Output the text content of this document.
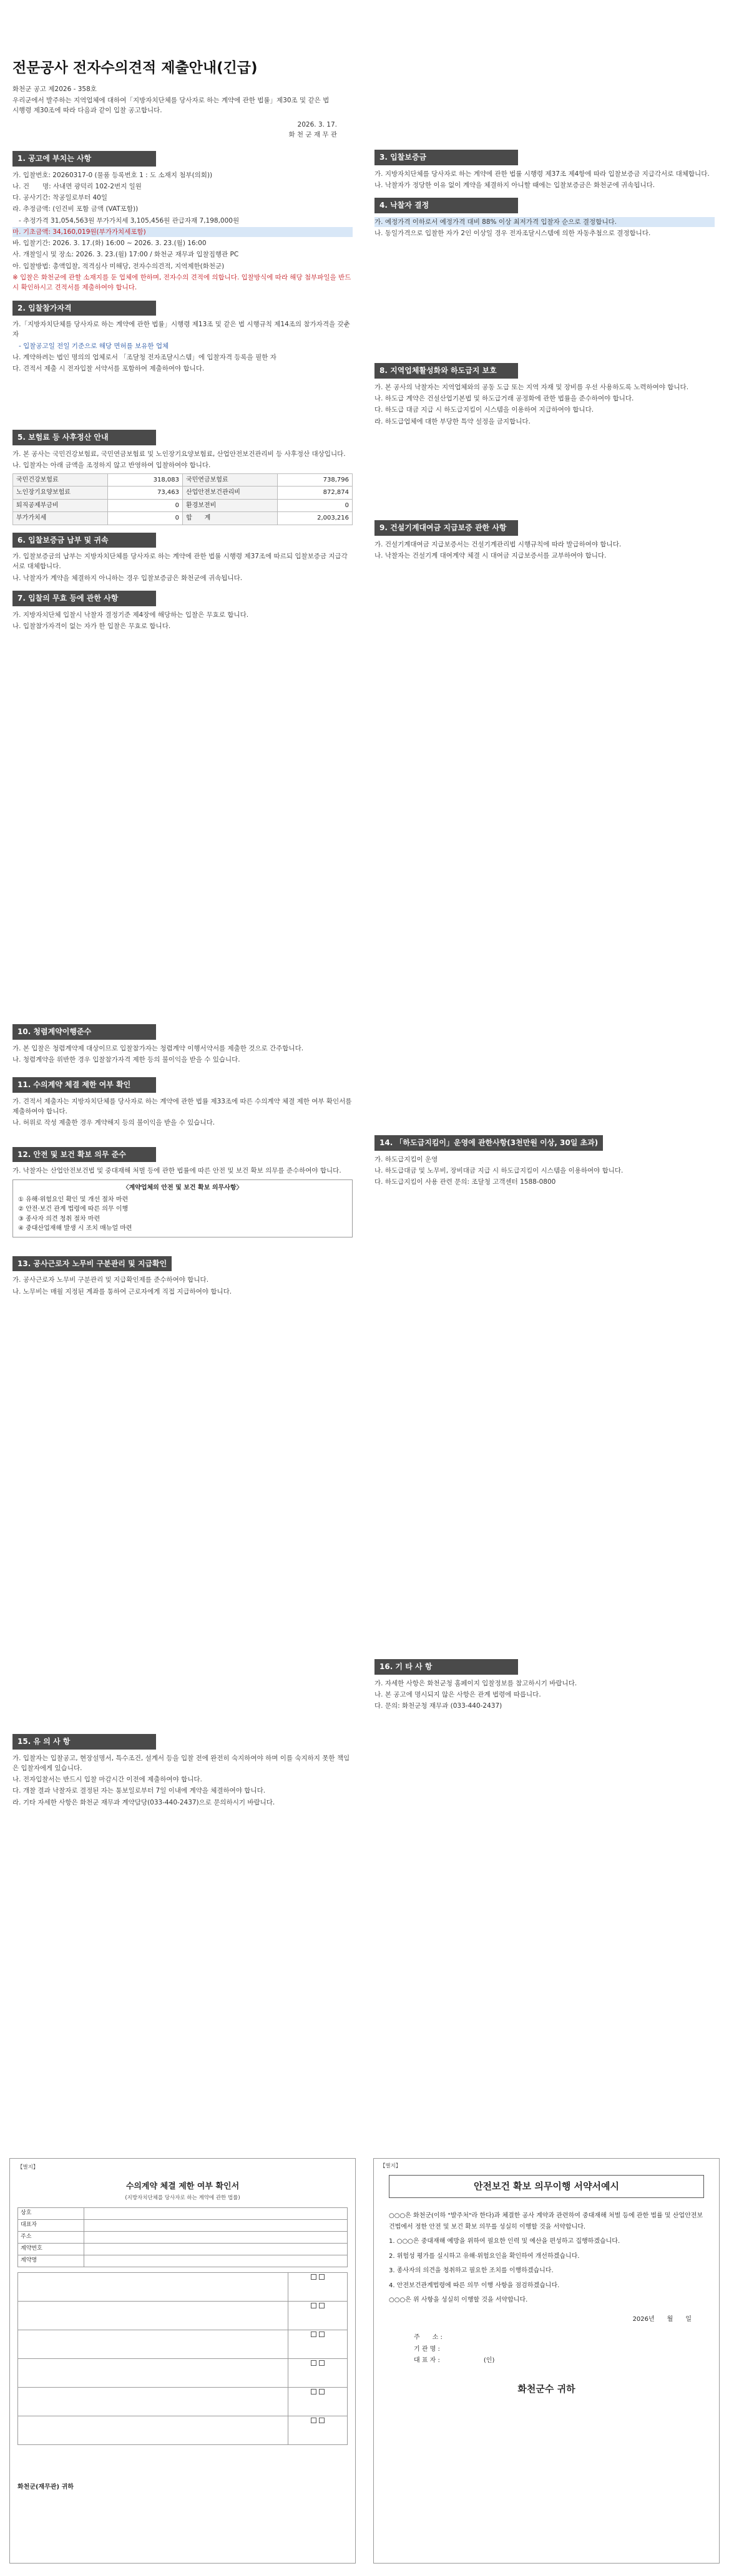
전문공사 전자수의견적 제출안내(긴급)
화천군 공고 제2026 - 358호
우리군에서 발주하는 지역업체에 대하여「지방자치단체를 당사자로 하는 계약에 관한 법률」제30조 및 같은 법 시행령 제30조에 따라 다음과 같이 입찰 공고합니다.
2026. 3. 17.
화 천 군 재 무 관
1. 공고에 부치는 사항
가. 입찰번호: 20260317-0 (물품 등록번호 1 : 도 소재지 첨부(의회))
나. 건　　명: 사내면 광덕리 102-2번지 일원
다. 공사기간: 착공일로부터 40일
라. 추정금액: (인건비 포함 금액 (VAT포함))
- 추정가격 31,054,563원 부가가치세 3,105,456원 관급자재 7,198,000원
마. 기초금액: 34,160,019원(부가가치세포함)
바. 입찰기간: 2026. 3. 17.(화) 16:00 ~ 2026. 3. 23.(월) 16:00
사. 개찰일시 및 장소: 2026. 3. 23.(월) 17:00 / 화천군 재무과 입찰집행관 PC
아. 입찰방법: 총액입찰, 적격심사 미해당, 전자수의견적, 지역제한(화천군)
※ 입찰은 화천군에 관할 소재지를 둔 업체에 한하며, 전자수의 견적에 의합니다. 입찰방식에 따라 해당 첨부파일을 반드시 확인하시고 견적서를 제출하여야 합니다.
2. 입찰참가자격
가.「지방자치단체를 당사자로 하는 계약에 관한 법률」시행령 제13조 및 같은 법 시행규칙 제14조의 참가자격을 갖춘 자
- 입찰공고일 전일 기준으로 해당 면허를 보유한 업체
나. 계약하려는 법인 명의의 업체로서 「조달청 전자조달시스템」에 입찰자격 등록을 필한 자
다. 견적서 제출 시 전자입찰 서약서를 포함하여 제출하여야 합니다.
5. 보험료 등 사후정산 안내
가. 본 공사는 국민건강보험료, 국민연금보험료 및 노인장기요양보험료, 산업안전보건관리비 등 사후정산 대상입니다.
나. 입찰자는 아래 금액을 조정하지 않고 반영하여 입찰하여야 합니다.
국민건강보험료	318,083	국민연금보험료	738,796
노인장기요양보험료	73,463	산업안전보건관리비	872,874
퇴직공제부금비	0	환경보전비	0
부가가치세	0	합　　계	2,003,216
6. 입찰보증금 납부 및 귀속
가. 입찰보증금의 납부는 지방자치단체를 당사자로 하는 계약에 관한 법률 시행령 제37조에 따르되 입찰보증금 지급각서로 대체합니다.
나. 낙찰자가 계약을 체결하지 아니하는 경우 입찰보증금은 화천군에 귀속됩니다.
7. 입찰의 무효 등에 관한 사항
가. 지방자치단체 입찰시 낙찰자 결정기준 제4장에 해당하는 입찰은 무효로 합니다.
나. 입찰참가자격이 없는 자가 한 입찰은 무효로 합니다.
3. 입찰보증금
가. 지방자치단체를 당사자로 하는 계약에 관한 법률 시행령 제37조 제4항에 따라 입찰보증금 지급각서로 대체합니다.
나. 낙찰자가 정당한 이유 없이 계약을 체결하지 아니할 때에는 입찰보증금은 화천군에 귀속됩니다.
4. 낙찰자 결정
가. 예정가격 이하로서 예정가격 대비 88% 이상 최저가격 입찰자 순으로 결정합니다.
나. 동일가격으로 입찰한 자가 2인 이상일 경우 전자조달시스템에 의한 자동추첨으로 결정합니다.
8. 지역업체활성화와 하도급지 보호
가. 본 공사의 낙찰자는 지역업체와의 공동 도급 또는 지역 자재 및 장비를 우선 사용하도록 노력하여야 합니다.
나. 하도급 계약은 건설산업기본법 및 하도급거래 공정화에 관한 법률을 준수하여야 합니다.
다. 하도급 대금 지급 시 하도급지킴이 시스템을 이용하여 지급하여야 합니다.
라. 하도급업체에 대한 부당한 특약 설정을 금지합니다.
9. 건설기계대여금 지급보증 관한 사항
가. 건설기계대여금 지급보증서는 건설기계관리법 시행규칙에 따라 발급하여야 합니다.
나. 낙찰자는 건설기계 대여계약 체결 시 대여금 지급보증서를 교부하여야 합니다.
10. 청렴계약이행준수
가. 본 입찰은 청렴계약제 대상이므로 입찰참가자는 청렴계약 이행서약서를 제출한 것으로 간주합니다.
나. 청렴계약을 위반한 경우 입찰참가자격 제한 등의 불이익을 받을 수 있습니다.
11. 수의계약 체결 제한 여부 확인
가. 견적서 제출자는 지방자치단체를 당사자로 하는 계약에 관한 법률 제33조에 따른 수의계약 체결 제한 여부 확인서를 제출하여야 합니다.
나. 허위로 작성 제출한 경우 계약해지 등의 불이익을 받을 수 있습니다.
12. 안전 및 보건 확보 의무 준수
가. 낙찰자는 산업안전보건법 및 중대재해 처벌 등에 관한 법률에 따른 안전 및 보건 확보 의무를 준수하여야 합니다.
〈계약업체의 안전 및 보건 확보 의무사항〉
① 유해·위험요인 확인 및 개선 절차 마련
② 안전·보건 관계 법령에 따른 의무 이행
③ 종사자 의견 청취 절차 마련
④ 중대산업재해 발생 시 조치 매뉴얼 마련
13. 공사근로자 노무비 구분관리 및 지급확인
가. 공사근로자 노무비 구분관리 및 지급확인제를 준수하여야 합니다.
나. 노무비는 매월 지정된 계좌를 통하여 근로자에게 직접 지급하여야 합니다.
14. 「하도급지킴이」운영에 관한사항(3천만원 이상, 30일 초과)
가. 하도급지킴이 운영
나. 하도급대금 및 노무비, 장비대금 지급 시 하도급지킴이 시스템을 이용하여야 합니다.
다. 하도급지킴이 사용 관련 문의: 조달청 고객센터 1588-0800
15. 유 의 사 항
가. 입찰자는 입찰공고, 현장설명서, 특수조건, 설계서 등을 입찰 전에 완전히 숙지하여야 하며 이를 숙지하지 못한 책임은 입찰자에게 있습니다.
나. 전자입찰서는 반드시 입찰 마감시간 이전에 제출하여야 합니다.
다. 개찰 결과 낙찰자로 결정된 자는 통보일로부터 7일 이내에 계약을 체결하여야 합니다.
라. 기타 자세한 사항은 화천군 재무과 계약담당(033-440-2437)으로 문의하시기 바랍니다.
16. 기 타 사 항
가. 자세한 사항은 화천군청 홈페이지 입찰정보를 참고하시기 바랍니다.
나. 본 공고에 명시되지 않은 사항은 관계 법령에 따릅니다.
다. 문의: 화천군청 재무과 (033-440-2437)
【별지】
수의계약 체결 제한 여부 확인서
(지방자치단체를 당사자로 하는 계약에 관한 법률)
상호	
대표자	
주소	
계약번호	
계약명	

화천군(재무관) 귀하
【별지】
안전보건 확보 의무이행 서약서예시
○○○은 화천군(이하 "발주처"라 한다)과 체결한 공사 계약과 관련하여 중대재해 처벌 등에 관한 법률 및 산업안전보건법에서 정한 안전 및 보건 확보 의무를 성실히 이행할 것을 서약합니다.
1. ○○○은 중대재해 예방을 위하여 필요한 인력 및 예산을 편성하고 집행하겠습니다.
2. 위험성 평가를 실시하고 유해·위험요인을 확인하여 개선하겠습니다.
3. 종사자의 의견을 청취하고 필요한 조치를 이행하겠습니다.
4. 안전보건관계법령에 따른 의무 이행 사항을 점검하겠습니다.
○○○은 위 사항을 성실히 이행할 것을 서약합니다.
2026년　　월　　일
주　　소 :
기 관 명 :
대 표 자 :　　　　　　　(인)
화천군수 귀하
